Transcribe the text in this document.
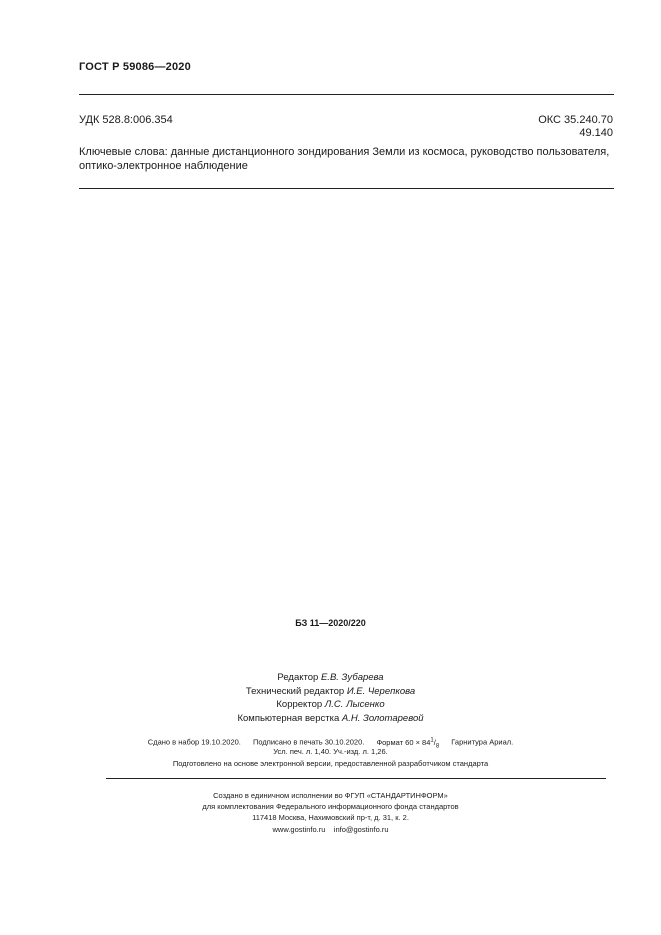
ГОСТ Р 59086—2020
УДК 528.8:006.354	ОКС 35.240.70
49.140
Ключевые слова: данные дистанционного зондирования Земли из космоса, руководство пользователя, оптико-электронное наблюдение
БЗ 11—2020/220
Редактор Е.В. Зубарева
Технический редактор И.Е. Черепкова
Корректор Л.С. Лысенко
Компьютерная верстка А.Н. Золотаревой
Сдано в набор 19.10.2020. Подписано в печать 30.10.2020. Формат $60 \times 84^1/_8$ Гарнитура Ариал.
Усл. печ. л. 1,40. Уч.-изд. л. 1,26.
Подготовлено на основе электронной версии, предоставленной разработчиком стандарта
Создано в единичном исполнении во ФГУП «СТАНДАРТИНФОРМ»
для комплектования Федерального информационного фонда стандартов
117418 Москва, Нахимовский пр-т, д. 31, к. 2.
www.gostinfo.ru info@gostinfo.ru
